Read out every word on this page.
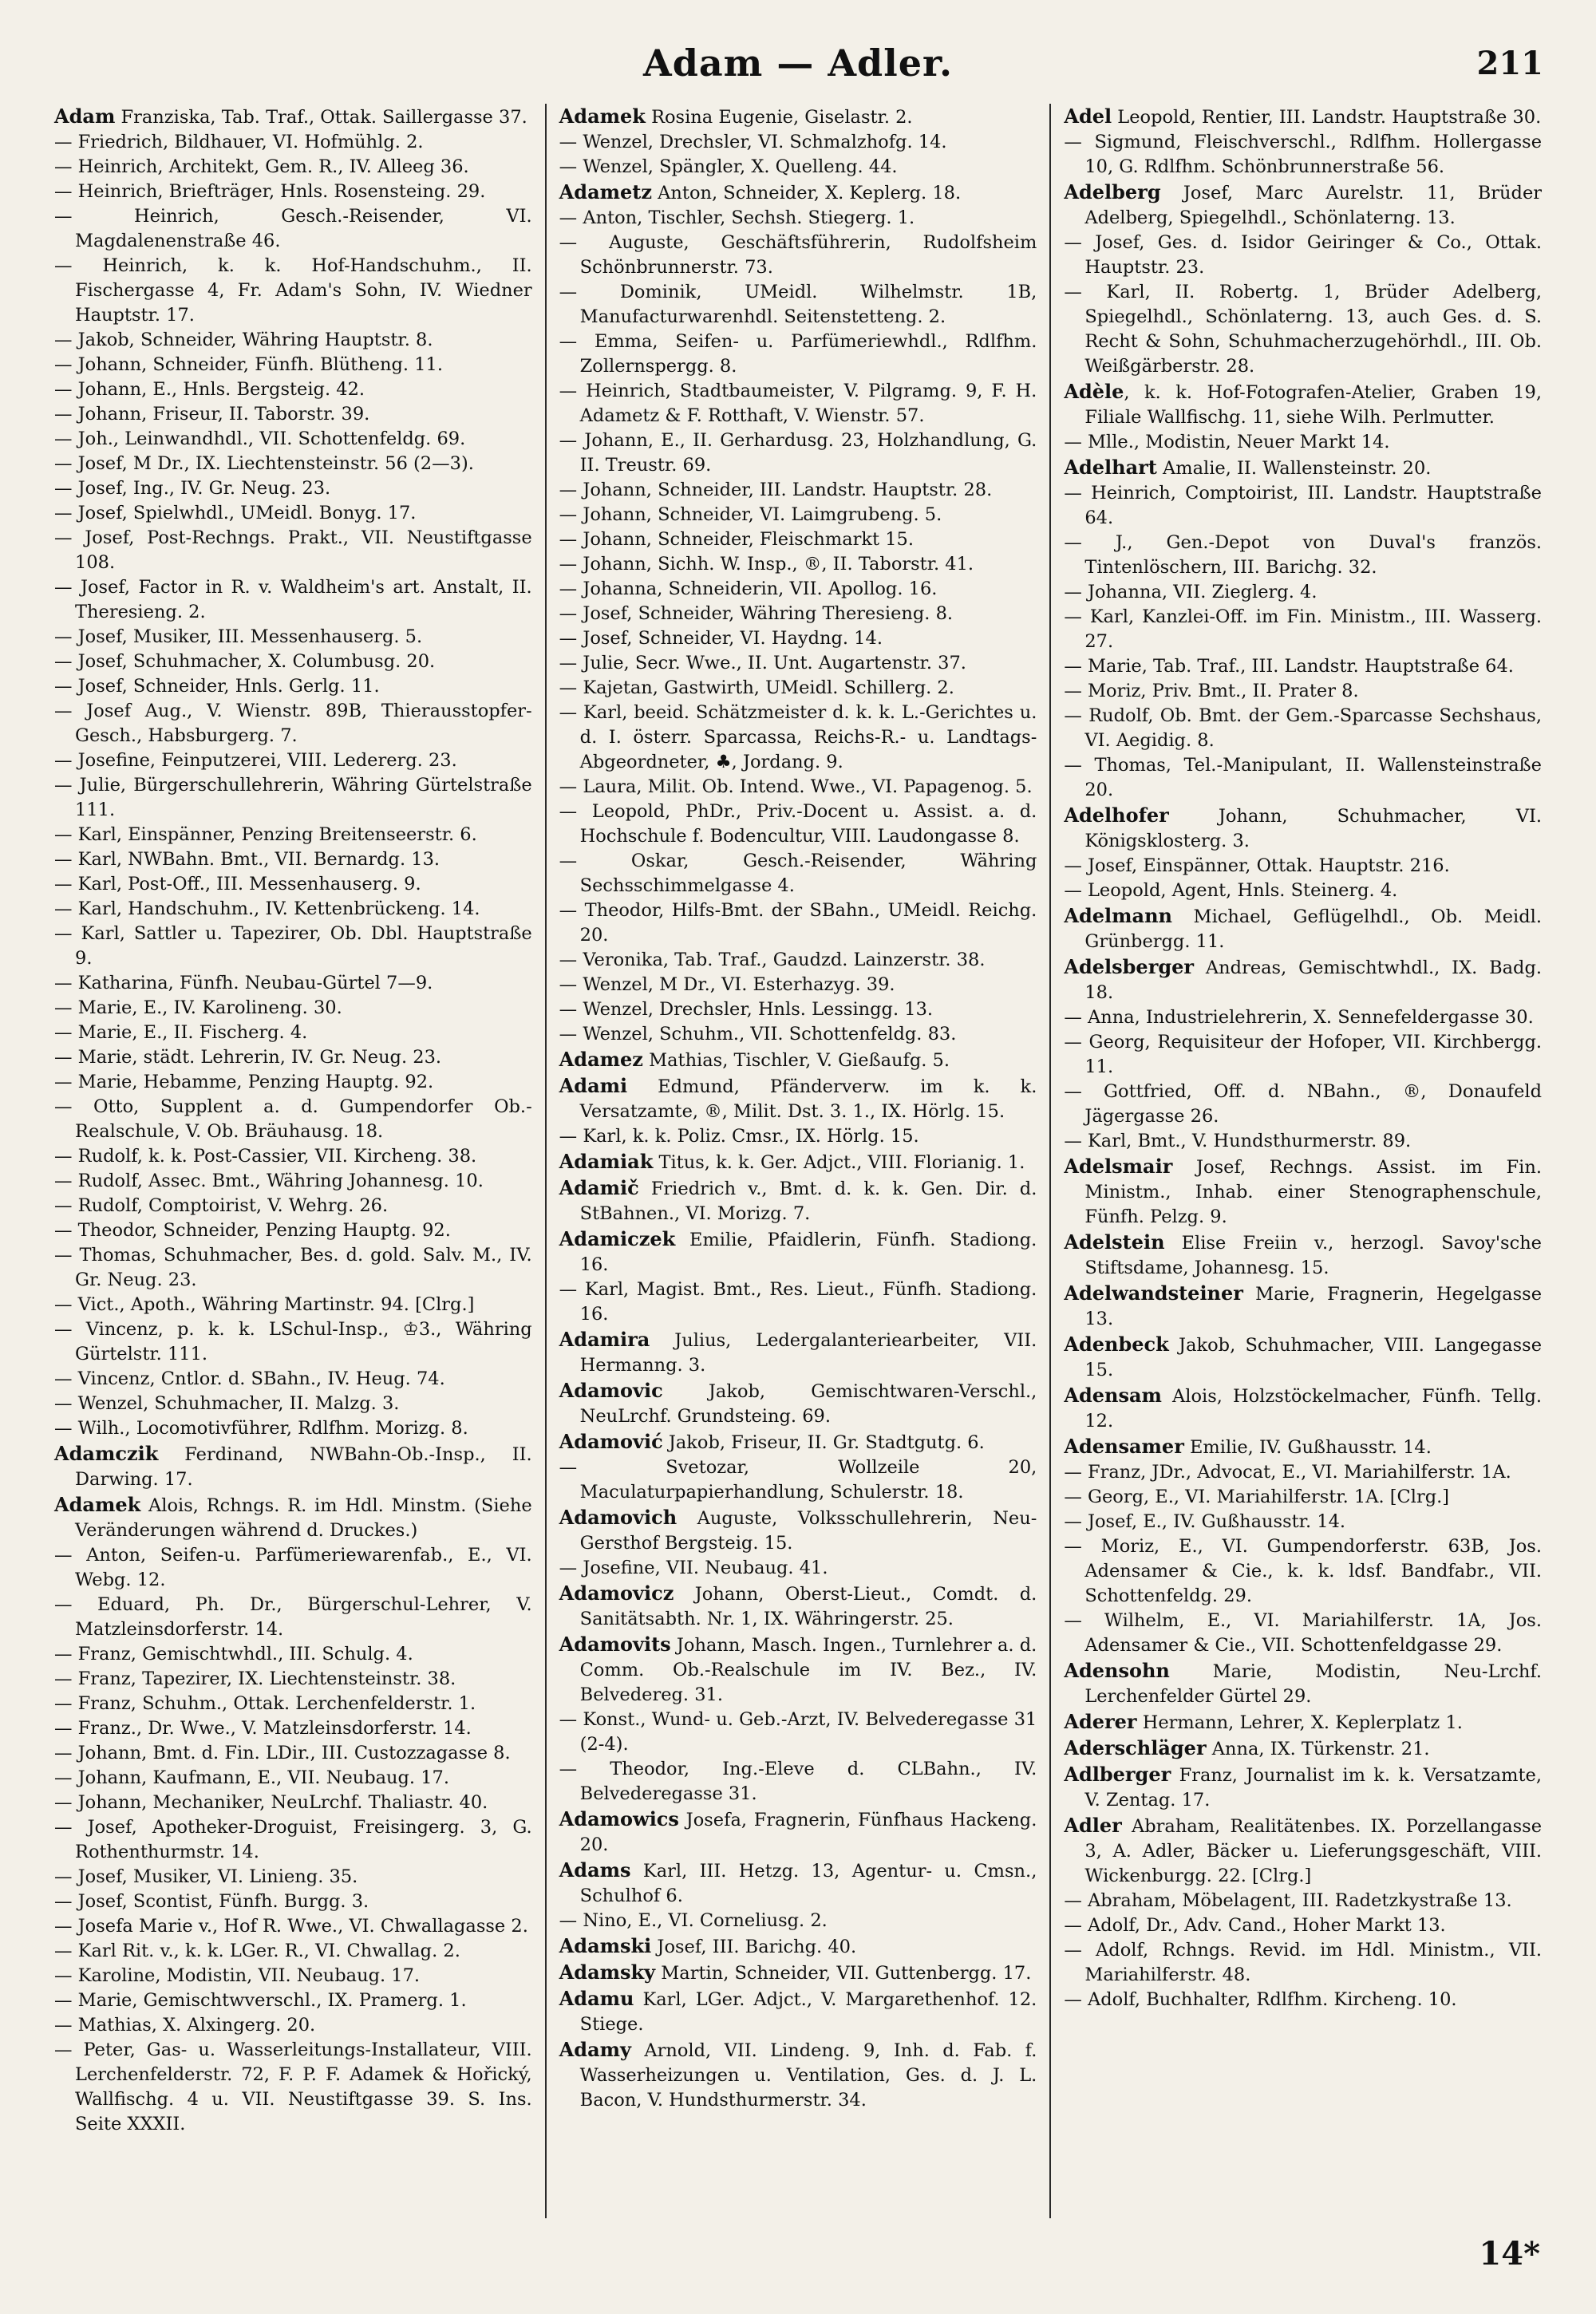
Adam — Adler.	211

Adam Franziska, Tab. Traf., Ottak. Saillergasse 37.

— Friedrich, Bildhauer, VI. Hofmühlg. 2.

— Heinrich, Architekt, Gem. R., IV. Alleeg 36.

— Heinrich, Briefträger, Hnls. Rosensteing. 29.

— Heinrich, Gesch.-Reisender, VI. Magdalenenstraße 46.

— Heinrich, k. k. Hof-Handschuhm., II. Fischergasse 4, Fr. Adam's Sohn, IV. Wiedner Hauptstr. 17.

— Jakob, Schneider, Währing Hauptstr. 8.

— Johann, Schneider, Fünfh. Blütheng. 11.

— Johann, E., Hnls. Bergsteig. 42.

— Johann, Friseur, II. Taborstr. 39.

— Joh., Leinwandhdl., VII. Schottenfeldg. 69.

— Josef, M Dr., IX. Liechtensteinstr. 56 (2—3).

— Josef, Ing., IV. Gr. Neug. 23.

— Josef, Spielwhdl., UMeidl. Bonyg. 17.

— Josef, Post-Rechngs. Prakt., VII. Neustiftgasse 108.

— Josef, Factor in R. v. Waldheim's art. Anstalt, II. Theresieng. 2.

— Josef, Musiker, III. Messenhauserg. 5.

— Josef, Schuhmacher, X. Columbusg. 20.

— Josef, Schneider, Hnls. Gerlg. 11.

— Josef Aug., V. Wienstr. 89B, Thierausstopfer-Gesch., Habsburgerg. 7.

— Josefine, Feinputzerei, VIII. Ledererg. 23.

— Julie, Bürgerschullehrerin, Währing Gürtelstraße 111.

— Karl, Einspänner, Penzing Breitenseerstr. 6.

— Karl, NWBahn. Bmt., VII. Bernardg. 13.

— Karl, Post-Off., III. Messenhauserg. 9.

— Karl, Handschuhm., IV. Kettenbrückeng. 14.

— Karl, Sattler u. Tapezirer, Ob. Dbl. Hauptstraße 9.

— Katharina, Fünfh. Neubau-Gürtel 7—9.

— Marie, E., IV. Karolineng. 30.

— Marie, E., II. Fischerg. 4.

— Marie, städt. Lehrerin, IV. Gr. Neug. 23.

— Marie, Hebamme, Penzing Hauptg. 92.

— Otto, Supplent a. d. Gumpendorfer Ob.-Realschule, V. Ob. Bräuhausg. 18.

— Rudolf, k. k. Post-Cassier, VII. Kircheng. 38.

— Rudolf, Assec. Bmt., Währing Johannesg. 10.

— Rudolf, Comptoirist, V. Wehrg. 26.

— Theodor, Schneider, Penzing Hauptg. 92.

— Thomas, Schuhmacher, Bes. d. gold. Salv. M., IV. Gr. Neug. 23.

— Vict., Apoth., Währing Martinstr. 94. [Clrg.]

— Vincenz, p. k. k. LSchul-Insp., ♔3., Währing Gürtelstr. 111.

— Vincenz, Cntlor. d. SBahn., IV. Heug. 74.

— Wenzel, Schuhmacher, II. Malzg. 3.

— Wilh., Locomotivführer, Rdlfhm. Morizg. 8.

Adamczik Ferdinand, NWBahn-Ob.-Insp., II. Darwing. 17.

Adamek Alois, Rchngs. R. im Hdl. Minstm. (Siehe Veränderungen während d. Druckes.)

— Anton, Seifen-u. Parfümeriewarenfab., E., VI. Webg. 12.

— Eduard, Ph. Dr., Bürgerschul-Lehrer, V. Matzleinsdorferstr. 14.

— Franz, Gemischtwhdl., III. Schulg. 4.

— Franz, Tapezirer, IX. Liechtensteinstr. 38.

— Franz, Schuhm., Ottak. Lerchenfelderstr. 1.

— Franz., Dr. Wwe., V. Matzleinsdorferstr. 14.

— Johann, Bmt. d. Fin. LDir., III. Custozzagasse 8.

— Johann, Kaufmann, E., VII. Neubaug. 17.

— Johann, Mechaniker, NeuLrchf. Thaliastr. 40.

— Josef, Apotheker-Droguist, Freisingerg. 3, G. Rothenthurmstr. 14.

— Josef, Musiker, VI. Linieng. 35.

— Josef, Scontist, Fünfh. Burgg. 3.

— Josefa Marie v., Hof R. Wwe., VI. Chwallagasse 2.

— Karl Rit. v., k. k. LGer. R., VI. Chwallag. 2.

— Karoline, Modistin, VII. Neubaug. 17.

— Marie, Gemischtwverschl., IX. Pramerg. 1.

— Mathias, X. Alxingerg. 20.

— Peter, Gas- u. Wasserleitungs-Installateur, VIII. Lerchenfelderstr. 72, F. P. F. Adamek & Hořický, Wallfischg. 4 u. VII. Neustiftgasse 39. S. Ins. Seite XXXII.

Adamek Rosina Eugenie, Giselastr. 2.

— Wenzel, Drechsler, VI. Schmalzhofg. 14.

— Wenzel, Spängler, X. Quelleng. 44.

Adametz Anton, Schneider, X. Keplerg. 18.

— Anton, Tischler, Sechsh. Stiegerg. 1.

— Auguste, Geschäftsführerin, Rudolfsheim Schönbrunnerstr. 73.

— Dominik, UMeidl. Wilhelmstr. 1B, Manufacturwarenhdl. Seitenstetteng. 2.

— Emma, Seifen- u. Parfümeriewhdl., Rdlfhm. Zollernspergg. 8.

— Heinrich, Stadtbaumeister, V. Pilgramg. 9, F. H. Adametz & F. Rotthaft, V. Wienstr. 57.

— Johann, E., II. Gerhardusg. 23, Holzhandlung, G. II. Treustr. 69.

— Johann, Schneider, III. Landstr. Hauptstr. 28.

— Johann, Schneider, VI. Laimgrubeng. 5.

— Johann, Schneider, Fleischmarkt 15.

— Johann, Sichh. W. Insp., ®, II. Taborstr. 41.

— Johanna, Schneiderin, VII. Apollog. 16.

— Josef, Schneider, Währing Theresieng. 8.

— Josef, Schneider, VI. Haydng. 14.

— Julie, Secr. Wwe., II. Unt. Augartenstr. 37.

— Kajetan, Gastwirth, UMeidl. Schillerg. 2.

— Karl, beeid. Schätzmeister d. k. k. L.-Gerichtes u. d. I. österr. Sparcassa, Reichs-R.- u. Landtags-Abgeordneter, ♣, Jordang. 9.

— Laura, Milit. Ob. Intend. Wwe., VI. Papagenog. 5.

— Leopold, PhDr., Priv.-Docent u. Assist. a. d. Hochschule f. Bodencultur, VIII. Laudongasse 8.

— Oskar, Gesch.-Reisender, Währing Sechsschimmelgasse 4.

— Theodor, Hilfs-Bmt. der SBahn., UMeidl. Reichg. 20.

— Veronika, Tab. Traf., Gaudzd. Lainzerstr. 38.

— Wenzel, M Dr., VI. Esterhazyg. 39.

— Wenzel, Drechsler, Hnls. Lessingg. 13.

— Wenzel, Schuhm., VII. Schottenfeldg. 83.

Adamez Mathias, Tischler, V. Gießaufg. 5.

Adami Edmund, Pfänderverw. im k. k. Versatzamte, ®, Milit. Dst. 3. 1., IX. Hörlg. 15.

— Karl, k. k. Poliz. Cmsr., IX. Hörlg. 15.

Adamiak Titus, k. k. Ger. Adjct., VIII. Florianig. 1.

Adamič Friedrich v., Bmt. d. k. k. Gen. Dir. d. StBahnen., VI. Morizg. 7.

Adamiczek Emilie, Pfaidlerin, Fünfh. Stadiong. 16.

— Karl, Magist. Bmt., Res. Lieut., Fünfh. Stadiong. 16.

Adamira Julius, Ledergalanteriearbeiter, VII. Hermanng. 3.

Adamovic Jakob, Gemischtwaren-Verschl., NeuLrchf. Grundsteing. 69.

Adamović Jakob, Friseur, II. Gr. Stadtgutg. 6.

— Svetozar, Wollzeile 20, Maculaturpapierhandlung, Schulerstr. 18.

Adamovich Auguste, Volksschullehrerin, Neu-Gersthof Bergsteig. 15.

— Josefine, VII. Neubaug. 41.

Adamovicz Johann, Oberst-Lieut., Comdt. d. Sanitätsabth. Nr. 1, IX. Währingerstr. 25.

Adamovits Johann, Masch. Ingen., Turnlehrer a. d. Comm. Ob.-Realschule im IV. Bez., IV. Belvedereg. 31.

— Konst., Wund- u. Geb.-Arzt, IV. Belvederegasse 31 (2-4).

— Theodor, Ing.-Eleve d. CLBahn., IV. Belvederegasse 31.

Adamowics Josefa, Fragnerin, Fünfhaus Hackeng. 20.

Adams Karl, III. Hetzg. 13, Agentur- u. Cmsn., Schulhof 6.

— Nino, E., VI. Corneliusg. 2.

Adamski Josef, III. Barichg. 40.

Adamsky Martin, Schneider, VII. Guttenbergg. 17.

Adamu Karl, LGer. Adjct., V. Margarethenhof. 12. Stiege.

Adamy Arnold, VII. Lindeng. 9, Inh. d. Fab. f. Wasserheizungen u. Ventilation, Ges. d. J. L. Bacon, V. Hundsthurmerstr. 34.

Adel Leopold, Rentier, III. Landstr. Hauptstraße 30.

— Sigmund, Fleischverschl., Rdlfhm. Hollergasse 10, G. Rdlfhm. Schönbrunnerstraße 56.

Adelberg Josef, Marc Aurelstr. 11, Brüder Adelberg, Spiegelhdl., Schönlaterng. 13.

— Josef, Ges. d. Isidor Geiringer & Co., Ottak. Hauptstr. 23.

— Karl, II. Robertg. 1, Brüder Adelberg, Spiegelhdl., Schönlaterng. 13, auch Ges. d. S. Recht & Sohn, Schuhmacherzugehörhdl., III. Ob. Weißgärberstr. 28.

Adèle, k. k. Hof-Fotografen-Atelier, Graben 19, Filiale Wallfischg. 11, siehe Wilh. Perlmutter.

— Mlle., Modistin, Neuer Markt 14.

Adelhart Amalie, II. Wallensteinstr. 20.

— Heinrich, Comptoirist, III. Landstr. Hauptstraße 64.

— J., Gen.-Depot von Duval's französ. Tintenlöschern, III. Barichg. 32.

— Johanna, VII. Zieglerg. 4.

— Karl, Kanzlei-Off. im Fin. Ministm., III. Wasserg. 27.

— Marie, Tab. Traf., III. Landstr. Hauptstraße 64.

— Moriz, Priv. Bmt., II. Prater 8.

— Rudolf, Ob. Bmt. der Gem.-Sparcasse Sechshaus, VI. Aegidig. 8.

— Thomas, Tel.-Manipulant, II. Wallensteinstraße 20.

Adelhofer Johann, Schuhmacher, VI. Königsklosterg. 3.

— Josef, Einspänner, Ottak. Hauptstr. 216.

— Leopold, Agent, Hnls. Steinerg. 4.

Adelmann Michael, Geflügelhdl., Ob. Meidl. Grünbergg. 11.

Adelsberger Andreas, Gemischtwhdl., IX. Badg. 18.

— Anna, Industrielehrerin, X. Sennefeldergasse 30.

— Georg, Requisiteur der Hofoper, VII. Kirchbergg. 11.

— Gottfried, Off. d. NBahn., ®, Donaufeld Jägergasse 26.

— Karl, Bmt., V. Hundsthurmerstr. 89.

Adelsmair Josef, Rechngs. Assist. im Fin. Ministm., Inhab. einer Stenographenschule, Fünfh. Pelzg. 9.

Adelstein Elise Freiin v., herzogl. Savoy'sche Stiftsdame, Johannesg. 15.

Adelwandsteiner Marie, Fragnerin, Hegelgasse 13.

Adenbeck Jakob, Schuhmacher, VIII. Langegasse 15.

Adensam Alois, Holzstöckelmacher, Fünfh. Tellg. 12.

Adensamer Emilie, IV. Gußhausstr. 14.

— Franz, JDr., Advocat, E., VI. Mariahilferstr. 1A.

— Georg, E., VI. Mariahilferstr. 1A. [Clrg.]

— Josef, E., IV. Gußhausstr. 14.

— Moriz, E., VI. Gumpendorferstr. 63B, Jos. Adensamer & Cie., k. k. ldsf. Bandfabr., VII. Schottenfeldg. 29.

— Wilhelm, E., VI. Mariahilferstr. 1A, Jos. Adensamer & Cie., VII. Schottenfeldgasse 29.

Adensohn Marie, Modistin, Neu-Lrchf. Lerchenfelder Gürtel 29.

Aderer Hermann, Lehrer, X. Keplerplatz 1.

Aderschläger Anna, IX. Türkenstr. 21.

Adlberger Franz, Journalist im k. k. Versatzamte, V. Zentag. 17.

Adler Abraham, Realitätenbes. IX. Porzellangasse 3, A. Adler, Bäcker u. Lieferungsgeschäft, VIII. Wickenburgg. 22. [Clrg.]

— Abraham, Möbelagent, III. Radetzkystraße 13.

— Adolf, Dr., Adv. Cand., Hoher Markt 13.

— Adolf, Rchngs. Revid. im Hdl. Ministm., VII. Mariahilferstr. 48.

— Adolf, Buchhalter, Rdlfhm. Kircheng. 10.

14*
